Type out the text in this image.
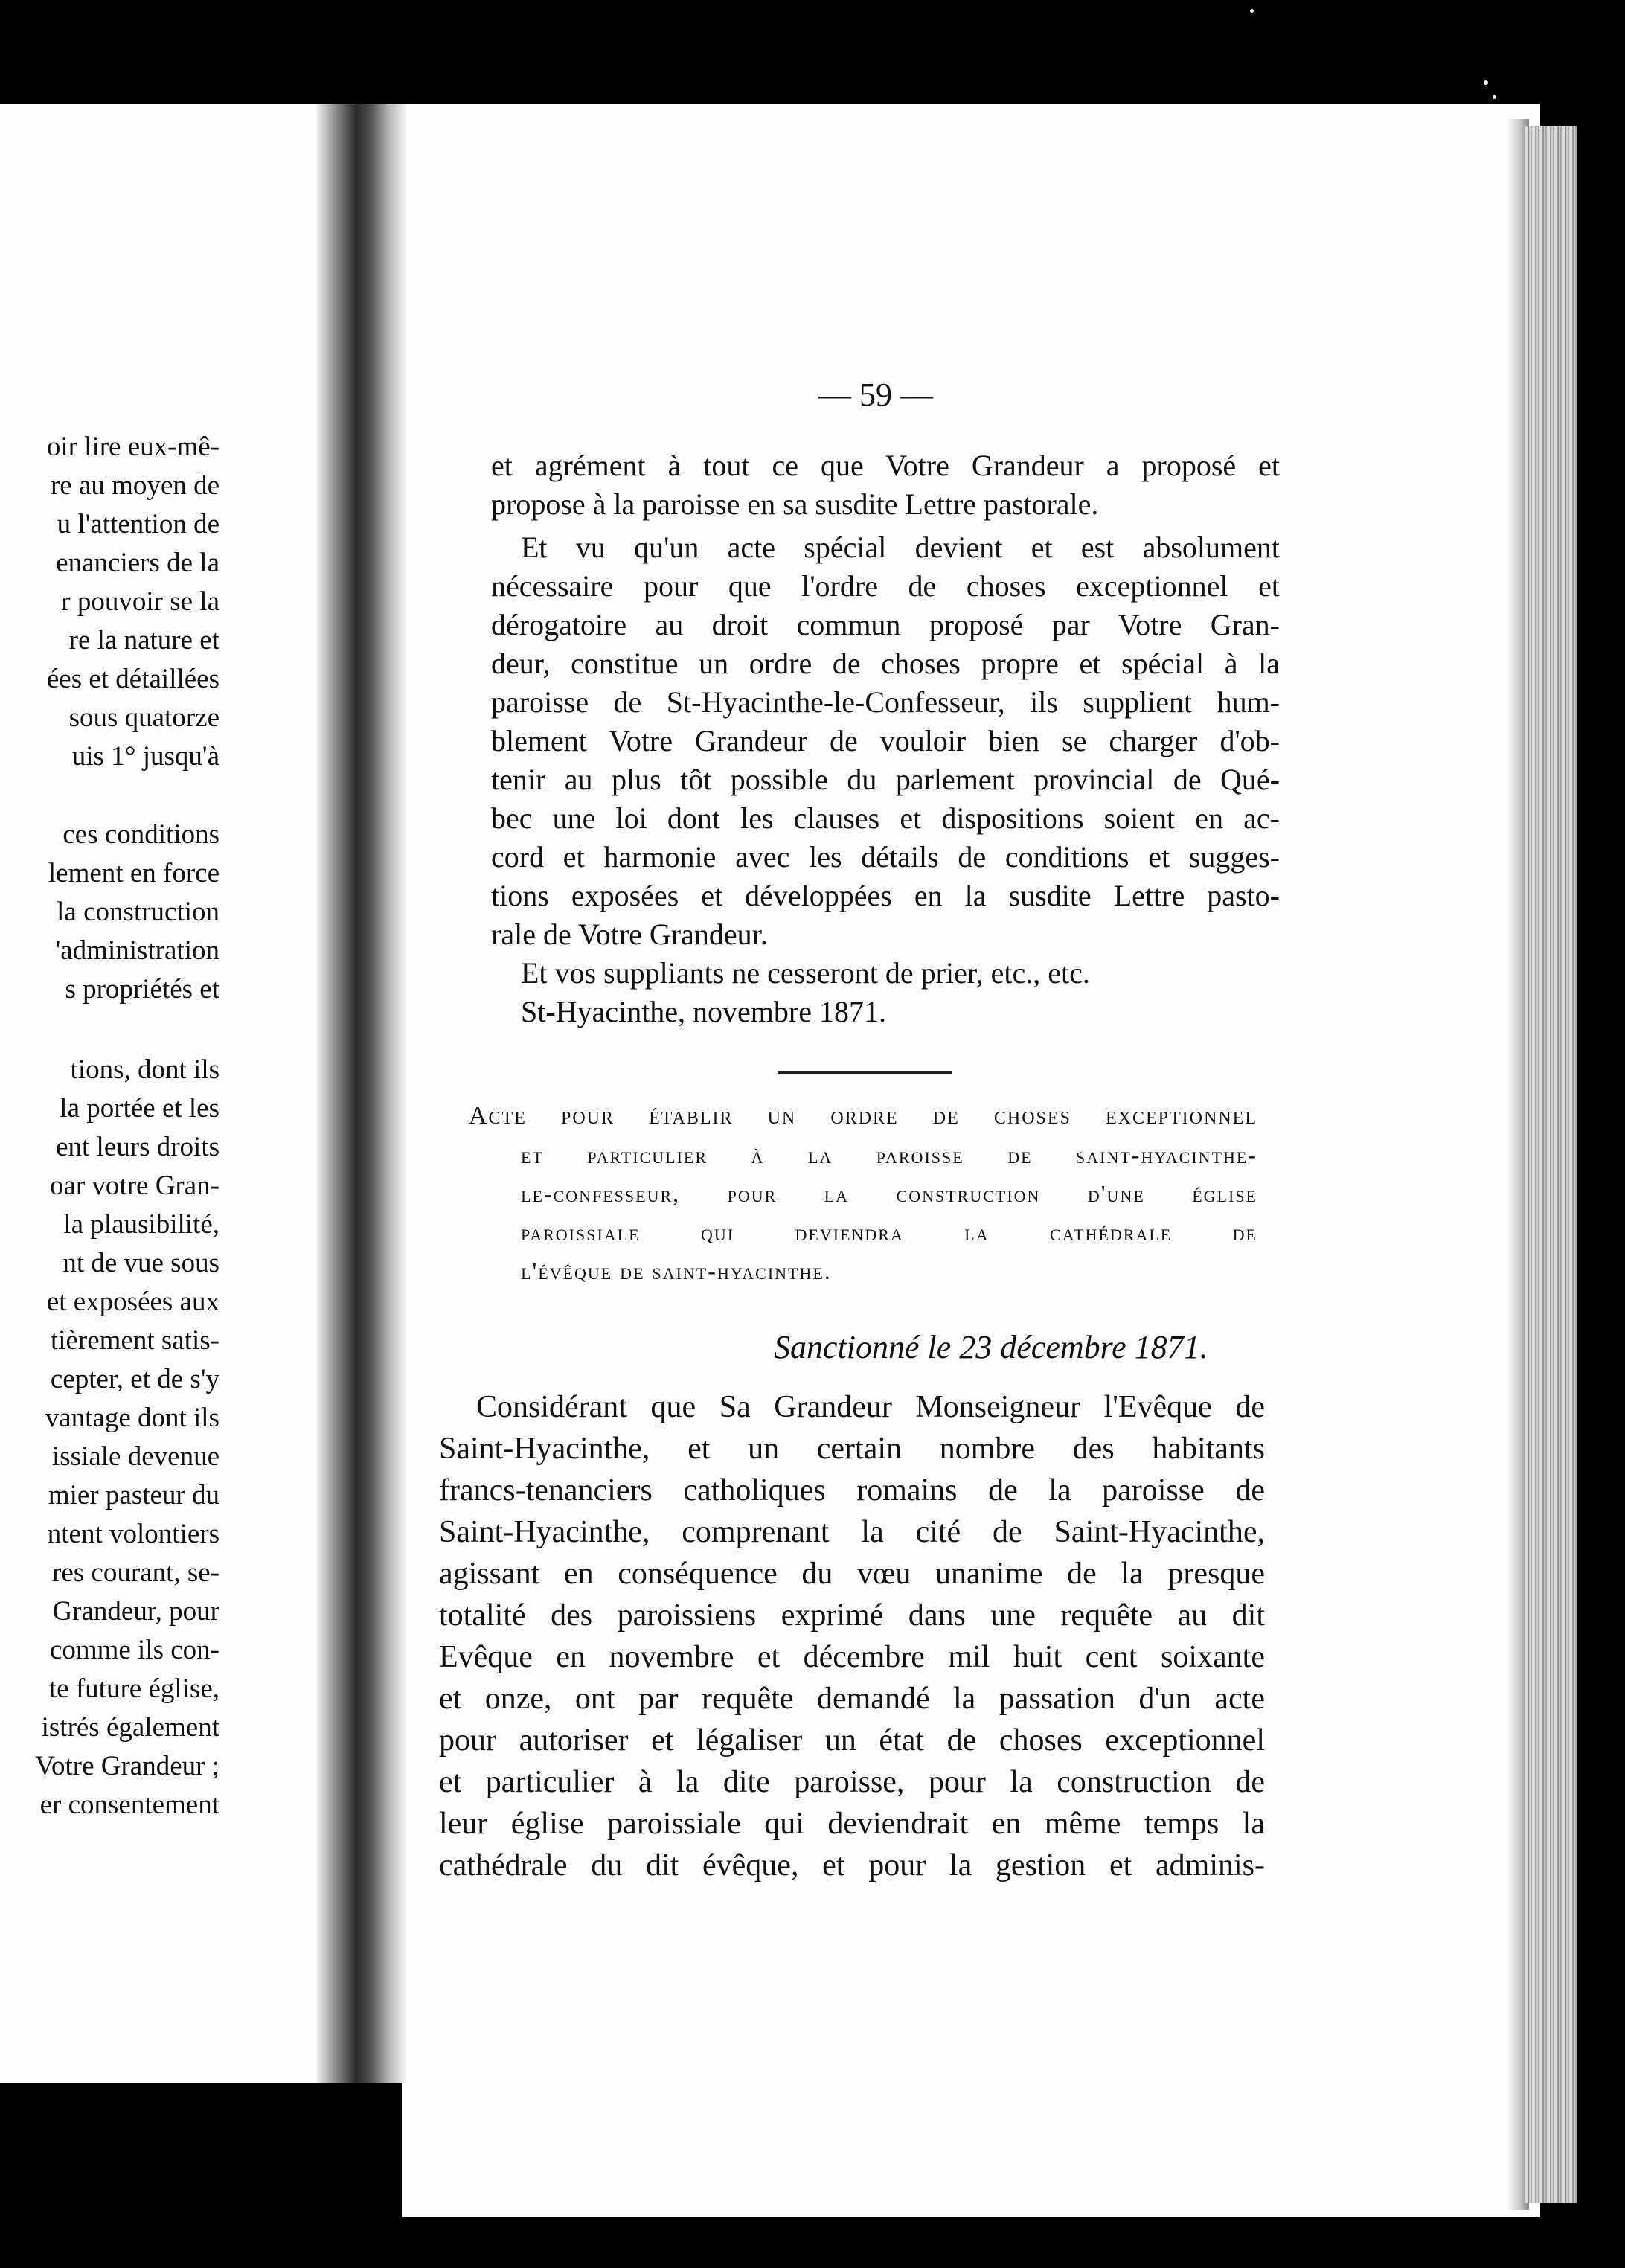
oir lire eux-mê-
re au moyen de
u l'attention de
enanciers de la
r pouvoir se la
re la nature et
ées et détaillées
sous quatorze
uis 1° jusqu'à
ces conditions
lement en force
la construction
'administration
s propriétés et
tions, dont ils
la portée et les
ent leurs droits
oar votre Gran-
la plausibilité,
nt de vue sous
et exposées aux
tièrement satis-
cepter, et de s'y
vantage dont ils
issiale devenue
mier pasteur du
ntent volontiers
res courant, se-
Grandeur, pour
comme ils con-
te future église,
istrés également
Votre Grandeur ;
er consentement
— 59 —
et agrément à tout ce que Votre Grandeur a proposé et
propose à la paroisse en sa susdite Lettre pastorale.
Et vu qu'un acte spécial devient et est absolument
nécessaire pour que l'ordre de choses exceptionnel et
dérogatoire au droit commun proposé par Votre Gran-
deur, constitue un ordre de choses propre et spécial à la
paroisse de St-Hyacinthe-le-Confesseur, ils supplient hum-
blement Votre Grandeur de vouloir bien se charger d'ob-
tenir au plus tôt possible du parlement provincial de Qué-
bec une loi dont les clauses et dispositions soient en ac-
cord et harmonie avec les détails de conditions et sugges-
tions exposées et développées en la susdite Lettre pasto-
rale de Votre Grandeur.
Et vos suppliants ne cesseront de prier, etc., etc.
St-Hyacinthe, novembre 1871.
Acte pour établir un ordre de choses exceptionnel
et particulier à la paroisse de saint-hyacinthe-
le-confesseur, pour la construction d'une église
paroissiale qui deviendra la cathédrale de
l'évêque de saint-hyacinthe.
Sanctionné le 23 décembre 1871.
Considérant que Sa Grandeur Monseigneur l'Evêque de
Saint-Hyacinthe, et un certain nombre des habitants
francs-tenanciers catholiques romains de la paroisse de
Saint-Hyacinthe, comprenant la cité de Saint-Hyacinthe,
agissant en conséquence du vœu unanime de la presque
totalité des paroissiens exprimé dans une requête au dit
Evêque en novembre et décembre mil huit cent soixante
et onze, ont par requête demandé la passation d'un acte
pour autoriser et légaliser un état de choses exceptionnel
et particulier à la dite paroisse, pour la construction de
leur église paroissiale qui deviendrait en même temps la
cathédrale du dit évêque, et pour la gestion et adminis-
